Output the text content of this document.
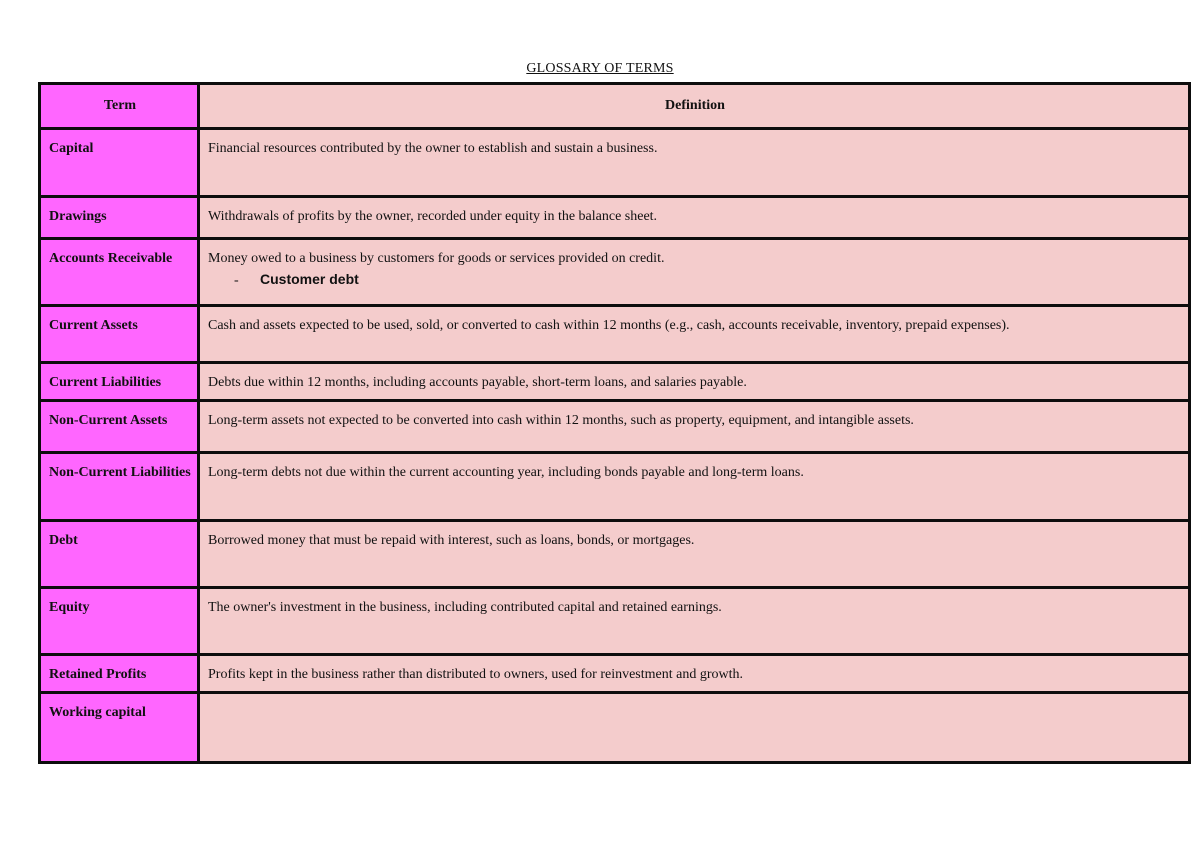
GLOSSARY OF TERMS
Term	Definition
Capital	Financial resources contributed by the owner to establish and sustain a business.
Drawings	Withdrawals of profits by the owner, recorded under equity in the balance sheet.
Accounts Receivable	Money owed to a business by customers for goods or services provided on credit.
- Customer debt

Current Assets	Cash and assets expected to be used, sold, or converted to cash within 12 months (e.g., cash, accounts receivable, inventory, prepaid expenses).
Current Liabilities	Debts due within 12 months, including accounts payable, short-term loans, and salaries payable.
Non-Current Assets	Long-term assets not expected to be converted into cash within 12 months, such as property, equipment, and intangible assets.
Non-Current Liabilities	Long-term debts not due within the current accounting year, including bonds payable and long-term loans.
Debt	Borrowed money that must be repaid with interest, such as loans, bonds, or mortgages.
Equity	The owner's investment in the business, including contributed capital and retained earnings.
Retained Profits	Profits kept in the business rather than distributed to owners, used for reinvestment and growth.
Working capital	
